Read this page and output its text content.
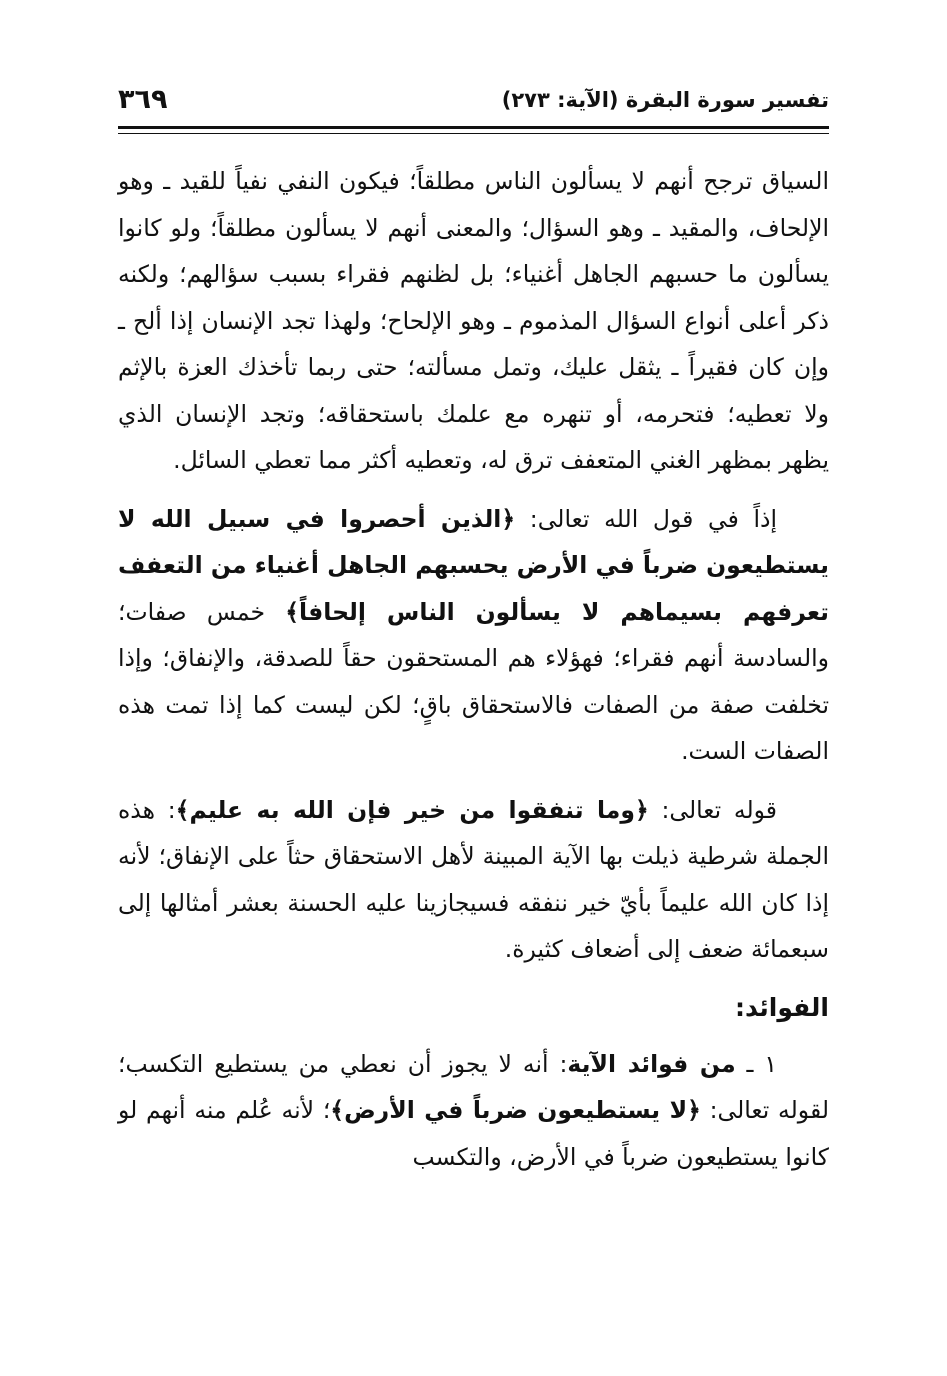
تفسير سورة البقرة (الآية: ٢٧٣)
٣٦٩

السياق ترجح أنهم لا يسألون الناس مطلقاً؛ فيكون النفي نفياً للقيد ـ وهو الإلحاف، والمقيد ـ وهو السؤال؛ والمعنى أنهم لا يسألون مطلقاً؛ ولو كانوا يسألون ما حسبهم الجاهل أغنياء؛ بل لظنهم فقراء بسبب سؤالهم؛ ولكنه ذكر أعلى أنواع السؤال المذموم ـ وهو الإلحاح؛ ولهذا تجد الإنسان إذا ألح ـ وإن كان فقيراً ـ يثقل عليك، وتمل مسألته؛ حتى ربما تأخذك العزة بالإثم ولا تعطيه؛ فتحرمه، أو تنهره مع علمك باستحقاقه؛ وتجد الإنسان الذي يظهر بمظهر الغني المتعفف ترق له، وتعطيه أكثر مما تعطي السائل.

إذاً في قول الله تعالى: ﴿الذين أحصروا في سبيل الله لا يستطيعون ضرباً في الأرض يحسبهم الجاهل أغنياء من التعفف تعرفهم بسيماهم لا يسألون الناس إلحافاً﴾ خمس صفات؛ والسادسة أنهم فقراء؛ فهؤلاء هم المستحقون حقاً للصدقة، والإنفاق؛ وإذا تخلفت صفة من الصفات فالاستحقاق باقٍ؛ لكن ليست كما إذا تمت هذه الصفات الست.

قوله تعالى: ﴿وما تنفقوا من خير فإن الله به عليم﴾: هذه الجملة شرطية ذيلت بها الآية المبينة لأهل الاستحقاق حثاً على الإنفاق؛ لأنه إذا كان الله عليماً بأيّ خير ننفقه فسيجازينا عليه الحسنة بعشر أمثالها إلى سبعمائة ضعف إلى أضعاف كثيرة.

الفوائد:

١ ـ من فوائد الآية: أنه لا يجوز أن نعطي من يستطيع التكسب؛ لقوله تعالى: ﴿لا يستطيعون ضرباً في الأرض﴾؛ لأنه عُلم منه أنهم لو كانوا يستطيعون ضرباً في الأرض، والتكسب
